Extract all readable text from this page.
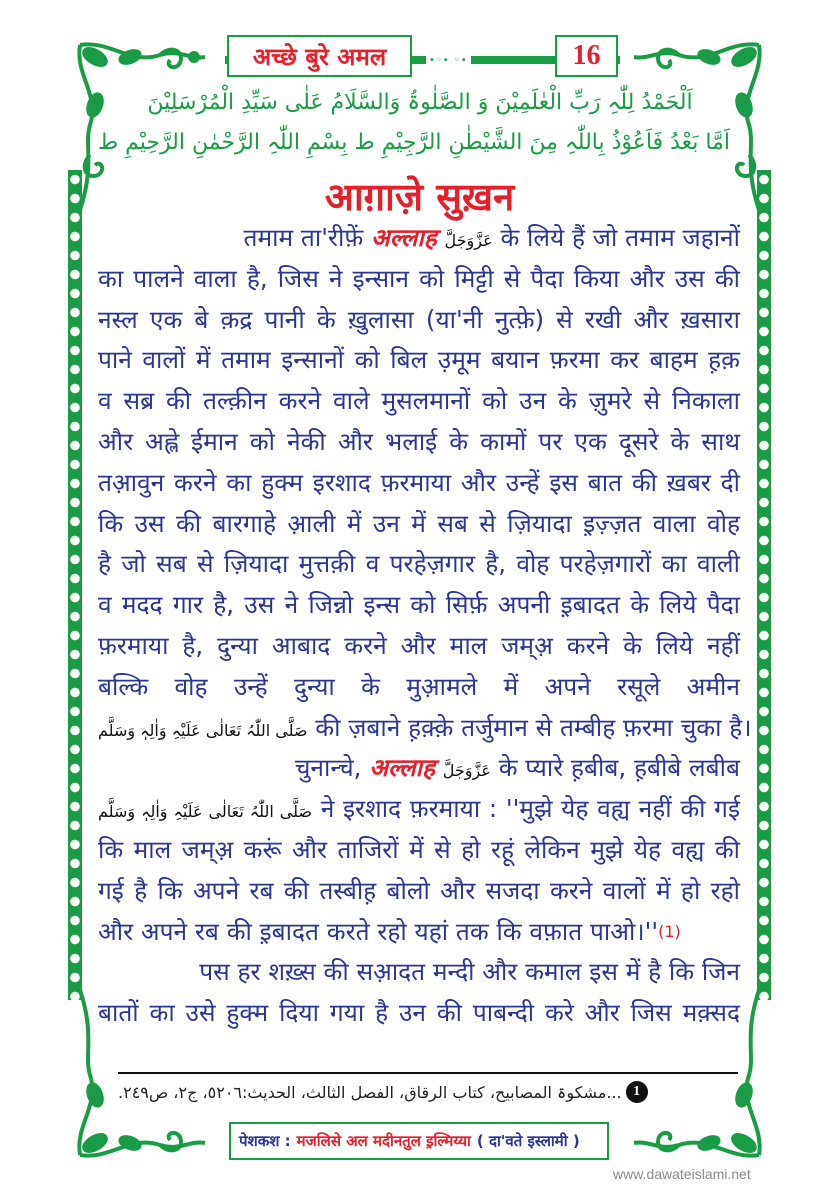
•◦• ◦•
अच्छे बुरे अमल	16
اَلْحَمْدُ لِلّٰہِ رَبِّ الْعٰلَمِیْنَ وَ الصَّلٰوۃُ وَالسَّلَامُ عَلٰی سَیِّدِ الْمُرْسَلِیْنَ
اَمَّا بَعْدُ فَاَعُوْذُ بِاللّٰہِ مِنَ الشَّیْطٰنِ الرَّجِیْمِ ط بِسْمِ اللّٰہِ الرَّحْمٰنِ الرَّحِیْمِ ط
आग़ाज़े सुख़न
तमाम ता'रीफ़ें अल्लाह عَزَّوَجَلَّ के लिये हैं जो तमाम जहानों
का पालने वाला है, जिस ने इन्सान को मिट्टी से पैदा किया और उस की
नस्ल एक बे क़द्र पानी के ख़ुलासा (या'नी नुत्फ़े) से रखी और ख़सारा
पाने वालों में तमाम इन्सानों को बिल उ़मूम बयान फ़रमा कर बाहम ह़क़
व सब्र की तल्क़ीन करने वाले मुसलमानों को उन के ज़ुमरे से निकाला
और अह्ले ईमान को नेकी और भलाई के कामों पर एक दूसरे के साथ
तआ़वुन करने का हुक्म इरशाद फ़रमाया और उन्हें इस बात की ख़बर दी
कि उस की बारगाहे आ़ली में उन में सब से ज़ियादा इ़ज़्ज़त वाला वोह
है जो सब से ज़ियादा मुत्तक़ी व परहेज़गार है, वोह परहेज़गारों का वाली
व मदद गार है, उस ने जिन्नो इन्स को सिर्फ़ अपनी इ़बादत के लिये पैदा
फ़रमाया है, दुन्या आबाद करने और माल जम्अ़ करने के लिये नहीं
बल्कि वोह उन्हें दुन्या के मुआ़मले में अपने रसूले अमीन
صَلَّی اللّٰہُ تَعَالٰی عَلَیْہِ وَاٰلِہٖ وَسَلَّم की ज़बाने ह़क़्क़े तर्जुमान से तम्बीह फ़रमा चुका है।
चुनान्चे, अल्लाह عَزَّوَجَلَّ के प्यारे ह़बीब, ह़बीबे लबीब
صَلَّی اللّٰہُ تَعَالٰی عَلَیْہِ وَاٰلِہٖ وَسَلَّم ने इरशाद फ़रमाया : ''मुझे येह वह्य नहीं की गई
कि माल जम्अ़ करूं और ताजिरों में से हो रहूं लेकिन मुझे येह वह्य की
गई है कि अपने रब की तस्बीह़ बोलो और सजदा करने वालों में हो रहो
और अपने रब की इ़बादत करते रहो यहां तक कि वफ़ात पाओ।''$^{(1)}$
पस हर शख़्स की सआ़दत मन्दी और कमाल इस में है कि जिन
बातों का उसे हुक्म दिया गया है उन की पाबन्दी करे और जिस मक़्सद
1
...مشکوۃ المصابیح، کتاب الرقاق، الفصل الثالث، الحدیث:٥٢٠٦، ج٢، ص٢٤٩.
पेशकश : मजलिसे अल मदीनतुल इ़ल्मिय्या ( दा'वते इस्लामी )
www.dawateislami.net
